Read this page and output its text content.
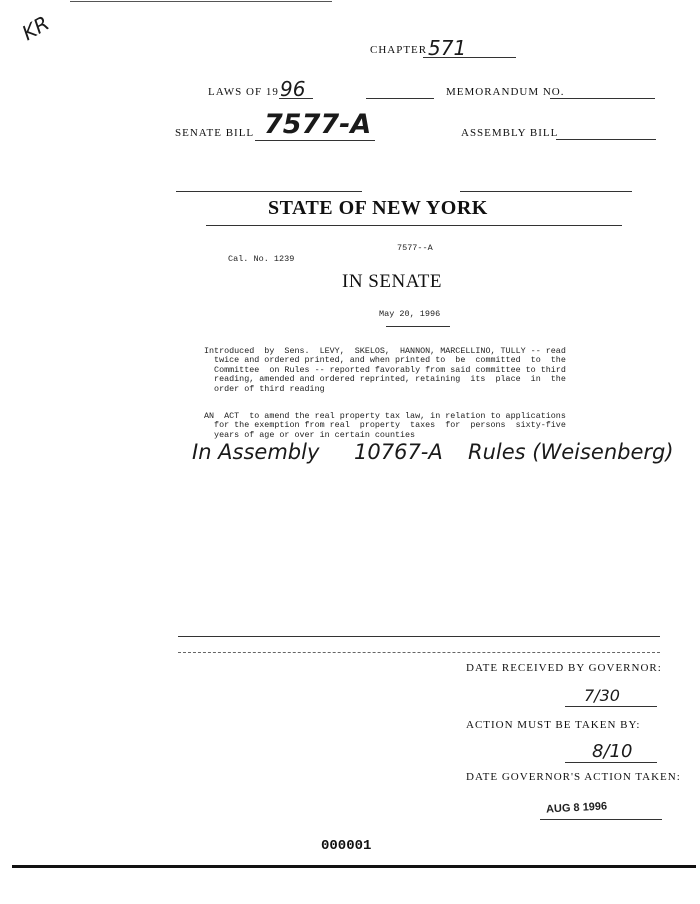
KR
CHAPTER 571
LAWS OF 19 96	MEMORANDUM NO.
SENATE BILL 7577-A	ASSEMBLY BILL
STATE OF NEW YORK
7577--A
Cal. No. 1239
IN SENATE
May 20, 1996

Introduced  by  Sens.  LEVY,  SKELOS,  HANNON, MARCELLINO, TULLY -- read
twice and ordered printed, and when printed to  be  committed  to  the
Committee  on Rules -- reported favorably from said committee to third
reading, amended and ordered reprinted, retaining  its  place  in  the
order of third reading

AN  ACT  to amend the real property tax law, in relation to applications
for the exemption from real  property  taxes  for  persons  sixty-five
years of age or over in certain counties

In Assembly 10767-A Rules (Weisenberg)
DATE RECEIVED BY GOVERNOR:
7/30
ACTION MUST BE TAKEN BY:
8/10
DATE GOVERNOR'S ACTION TAKEN:
AUG 8 1996
000001
